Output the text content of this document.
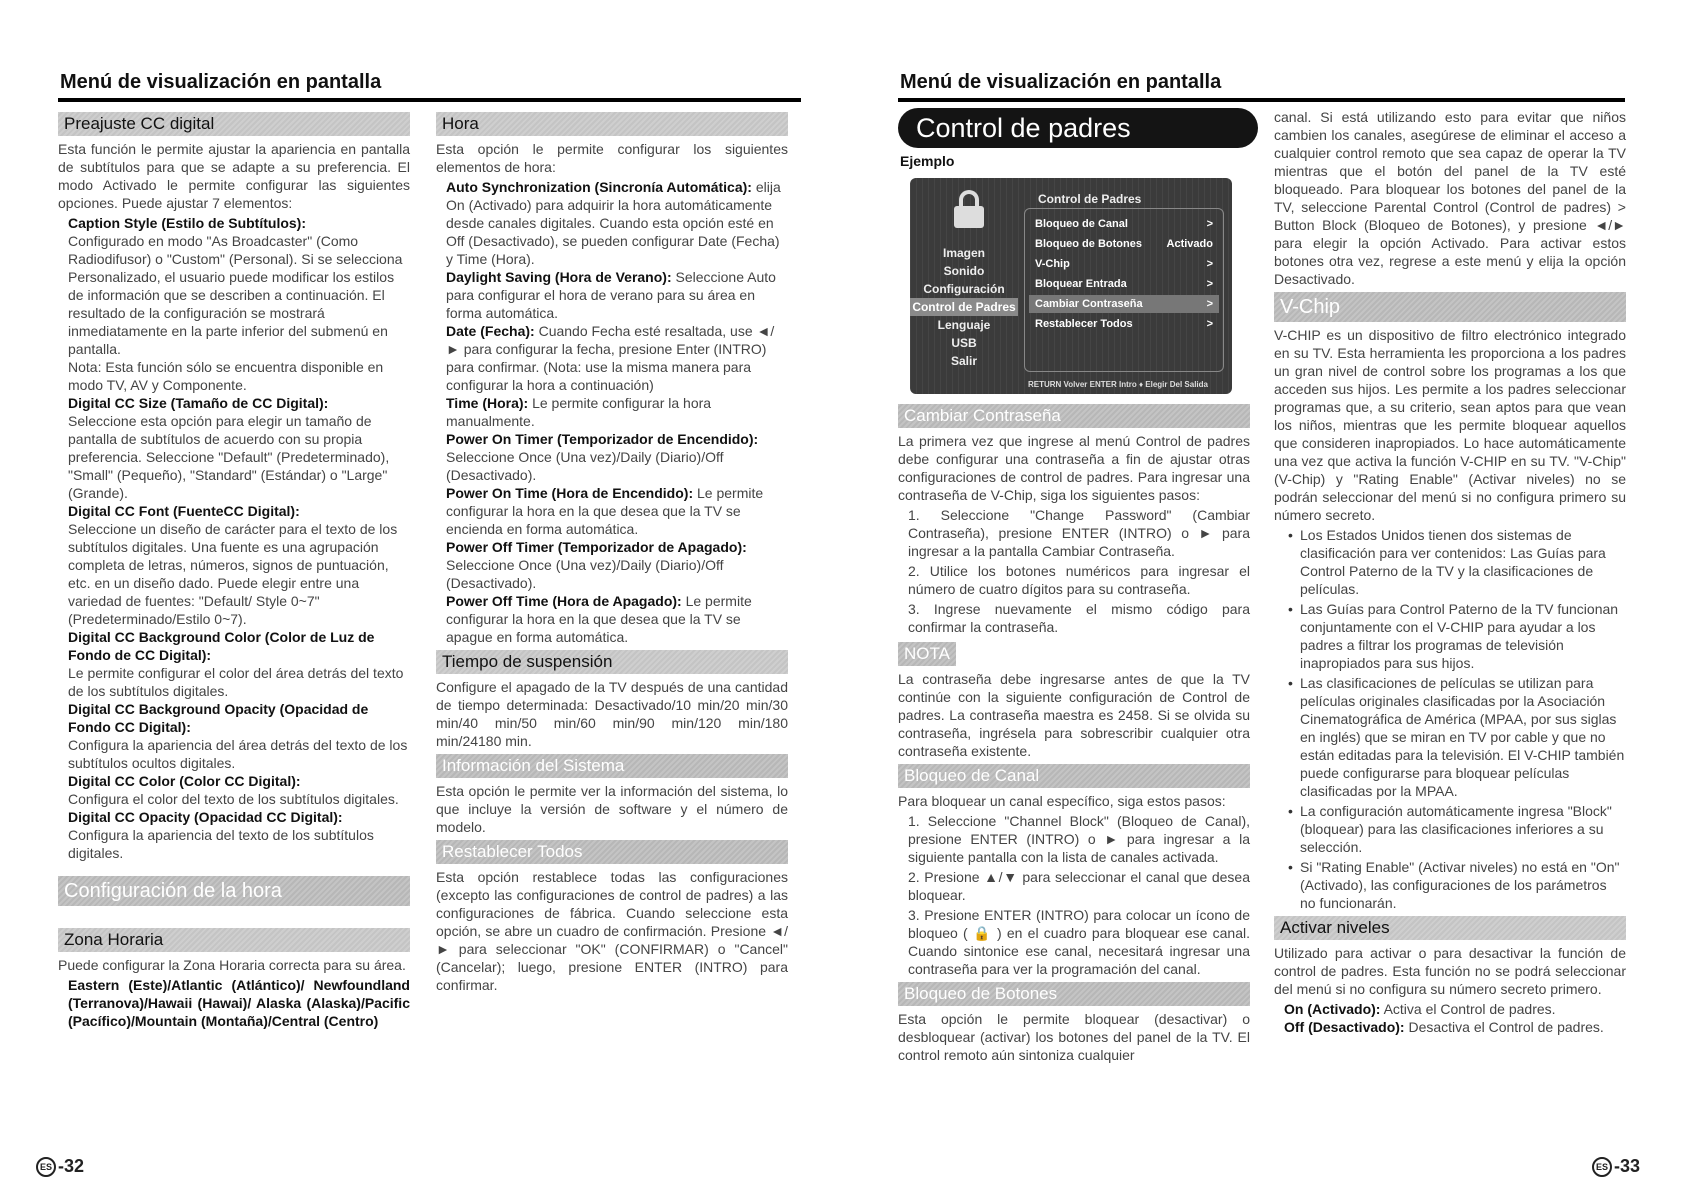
Menú de visualización en pantalla	Menú de visualización en pantalla
Preajuste CC digital

Esta función le permite ajustar la apariencia en pantalla de subtítulos para que se adapte a su preferencia. El modo Activado le permite configurar las siguientes opciones. Puede ajustar 7 elementos:

Caption Style (Estilo de Subtítulos):
Configurado en modo "As Broadcaster" (Como Radiodifusor) o "Custom" (Personal). Si se selecciona Personalizado, el usuario puede modificar los estilos de información que se describen a continuación. El resultado de la configuración se mostrará inmediatamente en la parte inferior del submenú en pantalla.
Nota: Esta función sólo se encuentra disponible en modo TV, AV y Componente.
Digital CC Size (Tamaño de CC Digital):
Seleccione esta opción para elegir un tamaño de pantalla de subtítulos de acuerdo con su propia preferencia. Seleccione "Default" (Predeterminado), "Small" (Pequeño), "Standard" (Estándar) o "Large" (Grande).
Digital CC Font (FuenteCC Digital):
Seleccione un diseño de carácter para el texto de los subtítulos digitales. Una fuente es una agrupación completa de letras, números, signos de puntuación, etc. en un diseño dado. Puede elegir entre una variedad de fuentes: "Default/ Style 0~7" (Predeterminado/Estilo 0~7).
Digital CC Background Color (Color de Luz de Fondo de CC Digital):
Le permite configurar el color del área detrás del texto de los subtítulos digitales.
Digital CC Background Opacity (Opacidad de Fondo CC Digital):
Configura la apariencia del área detrás del texto de los subtítulos ocultos digitales.
Digital CC Color (Color CC Digital):
Configura el color del texto de los subtítulos digitales.
Digital CC Opacity (Opacidad CC Digital):
Configura la apariencia del texto de los subtítulos digitales.
Configuración de la hora
Zona Horaria

Puede configurar la Zona Horaria correcta para su área.

Eastern (Este)/Atlantic (Atlántico)/ Newfoundland (Terranova)/Hawaii (Hawai)/ Alaska (Alaska)/Pacific (Pacífico)/Mountain (Montaña)/Central (Centro)

Hora

Esta opción le permite configurar los siguientes elementos de hora:

Auto Synchronization (Sincronía Automática): elija On (Activado) para adquirir la hora automáticamente desde canales digitales. Cuando esta opción esté en Off (Desactivado), se pueden configurar Date (Fecha) y Time (Hora).
Daylight Saving (Hora de Verano): Seleccione Auto para configurar el hora de verano para su área en forma automática.
Date (Fecha): Cuando Fecha esté resaltada, use ◄/► para configurar la fecha, presione Enter (INTRO) para confirmar. (Nota: use la misma manera para configurar la hora a continuación)
Time (Hora): Le permite configurar la hora manualmente.
Power On Timer (Temporizador de Encendido): Seleccione Once (Una vez)/Daily (Diario)/Off (Desactivado).
Power On Time (Hora de Encendido): Le permite configurar la hora en la que desea que la TV se encienda en forma automática.
Power Off Timer (Temporizador de Apagado): Seleccione Once (Una vez)/Daily (Diario)/Off (Desactivado).
Power Off Time (Hora de Apagado): Le permite configurar la hora en la que desea que la TV se apague en forma automática.
Tiempo de suspensión

Configure el apagado de la TV después de una cantidad de tiempo determinada: Desactivado/10 min/20 min/30 min/40 min/50 min/60 min/90 min/120 min/180 min/24180 min.

Información del Sistema

Esta opción le permite ver la información del sistema, lo que incluye la versión de software y el número de modelo.

Restablecer Todos

Esta opción restablece todas las configuraciones (excepto las configuraciones de control de padres) a las configuraciones de fábrica. Cuando seleccione esta opción, se abre un cuadro de confirmación. Presione ◄/► para seleccionar "OK" (CONFIRMAR) o "Cancel" (Cancelar); luego, presione ENTER (INTRO) para confirmar.

Control de padres
Ejemplo
Control de Padres
Imagen
Sonido
Configuración
Control de Padres
Lenguaje
USB
Salir
Bloqueo de Canal	>
Bloqueo de Botones Activado
V-Chip	>
Bloquear Entrada	>
Cambiar Contraseña	>
Restablecer Todos	>
RETURN Volver ENTER Intro ♦ Elegir Del Salida
Cambiar Contraseña

La primera vez que ingrese al menú Control de padres debe configurar una contraseña a fin de ajustar otras configuraciones de control de padres. Para ingresar una contraseña de V-Chip, siga los siguientes pasos:

1. Seleccione "Change Password" (Cambiar Contraseña), presione ENTER (INTRO) o ► para ingresar a la pantalla Cambiar Contraseña.

2. Utilice los botones numéricos para ingresar el número de cuatro dígitos para su contraseña.

3. Ingrese nuevamente el mismo código para confirmar la contraseña.

NOTA

La contraseña debe ingresarse antes de que la TV continúe con la siguiente configuración de Control de padres. La contraseña maestra es 2458. Si se olvida su contraseña, ingrésela para sobrescribir cualquier otra contraseña existente.

Bloqueo de Canal

Para bloquear un canal específico, siga estos pasos:

1. Seleccione "Channel Block" (Bloqueo de Canal), presione ENTER (INTRO) o ► para ingresar a la siguiente pantalla con la lista de canales activada.

2. Presione ▲/▼ para seleccionar el canal que desea bloquear.

3. Presione ENTER (INTRO) para colocar un ícono de bloqueo ( 🔒 ) en el cuadro para bloquear ese canal. Cuando sintonice ese canal, necesitará ingresar una contraseña para ver la programación del canal.

Bloqueo de Botones

Esta opción le permite bloquear (desactivar) o desbloquear (activar) los botones del panel de la TV. El control remoto aún sintoniza cualquier

canal. Si está utilizando esto para evitar que niños cambien los canales, asegúrese de eliminar el acceso a cualquier control remoto que sea capaz de operar la TV mientras que el botón del panel de la TV esté bloqueado. Para bloquear los botones del panel de la TV, seleccione Parental Control (Control de padres) > Button Block (Bloqueo de Botones), y presione ◄/► para elegir la opción Activado. Para activar estos botones otra vez, regrese a este menú y elija la opción Desactivado.

V-Chip

V-CHIP es un dispositivo de filtro electrónico integrado en su TV. Esta herramienta les proporciona a los padres un gran nivel de control sobre los programas a los que acceden sus hijos. Les permite a los padres seleccionar programas que, a su criterio, sean aptos para que vean los niños, mientras que les permite bloquear aquellos que consideren inapropiados. Lo hace automáticamente una vez que activa la función V-CHIP en su TV. "V-Chip" (V-Chip) y "Rating Enable" (Activar niveles) no se podrán seleccionar del menú si no configura primero su número secreto.

• Los Estados Unidos tienen dos sistemas de clasificación para ver contenidos: Las Guías para Control Paterno de la TV y la clasificaciones de películas.
• Las Guías para Control Paterno de la TV funcionan conjuntamente con el V-CHIP para ayudar a los padres a filtrar los programas de televisión inapropiados para sus hijos.
• Las clasificaciones de películas se utilizan para películas originales clasificadas por la Asociación Cinematográfica de América (MPAA, por sus siglas en inglés) que se miran en TV por cable y que no están editadas para la televisión. El V-CHIP también puede configurarse para bloquear películas clasificadas por la MPAA.
• La configuración automáticamente ingresa "Block" (bloquear) para las clasificaciones inferiores a su selección.
• Si "Rating Enable" (Activar niveles) no está en "On" (Activado), las configuraciones de los parámetros no funcionarán.
Activar niveles

Utilizado para activar o para desactivar la función de control de padres. Esta función no se podrá seleccionar del menú si no configura su número secreto primero.

On (Activado): Activa el Control de padres.
Off (Desactivado): Desactiva el Control de padres.
ES -32	ES -33
